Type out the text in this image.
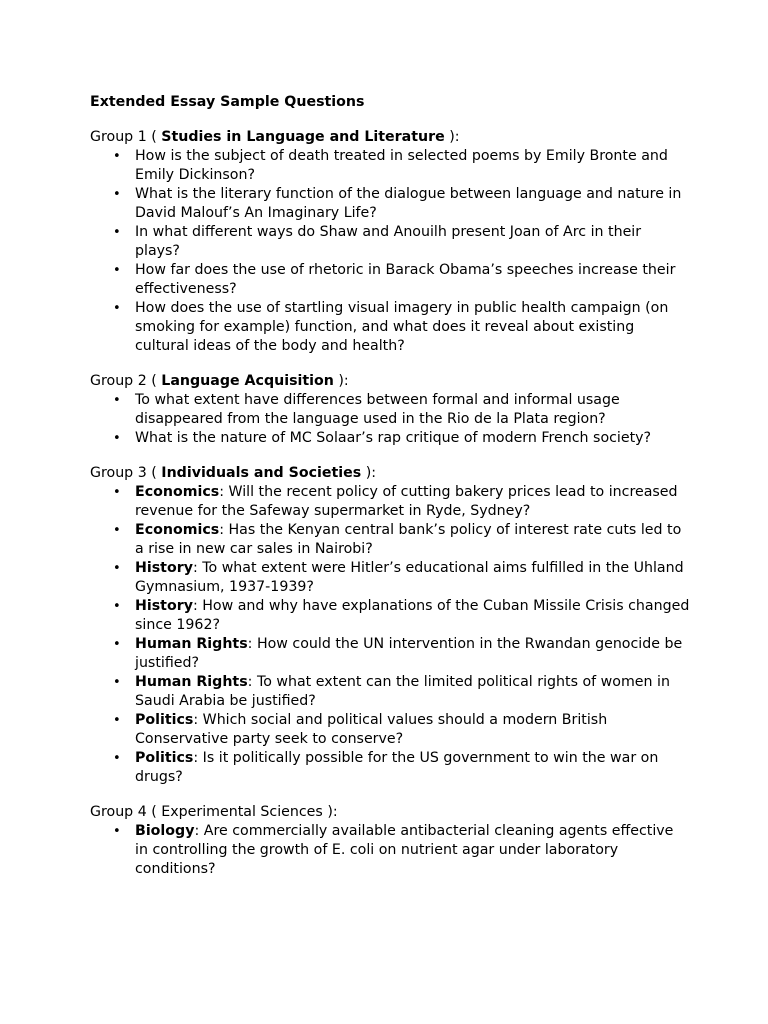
Extended Essay Sample Questions

Group 1 ( Studies in Language and Literature ):

• How is the subject of death treated in selected poems by Emily Bronte and Emily Dickinson?
• What is the literary function of the dialogue between language and nature in David Malouf’s An Imaginary Life?
• In what different ways do Shaw and Anouilh present Joan of Arc in their plays?
• How far does the use of rhetoric in Barack Obama’s speeches increase their effectiveness?
• How does the use of startling visual imagery in public health campaign (on smoking for example) function, and what does it reveal about existing cultural ideas of the body and health?

Group 2 ( Language Acquisition ):

• To what extent have differences between formal and informal usage disappeared from the language used in the Rio de la Plata region?
• What is the nature of MC Solaar’s rap critique of modern French society?

Group 3 ( Individuals and Societies ):

• Economics: Will the recent policy of cutting bakery prices lead to increased revenue for the Safeway supermarket in Ryde, Sydney?
• Economics: Has the Kenyan central bank’s policy of interest rate cuts led to a rise in new car sales in Nairobi?
• History: To what extent were Hitler’s educational aims fulfilled in the Uhland Gymnasium, 1937-1939?
• History: How and why have explanations of the Cuban Missile Crisis changed since 1962?
• Human Rights: How could the UN intervention in the Rwandan genocide be justified?
• Human Rights: To what extent can the limited political rights of women in Saudi Arabia be justified?
• Politics: Which social and political values should a modern British Conservative party seek to conserve?
• Politics: Is it politically possible for the US government to win the war on drugs?

Group 4 ( Experimental Sciences ):

• Biology: Are commercially available antibacterial cleaning agents effective in controlling the growth of E. coli on nutrient agar under laboratory conditions?
